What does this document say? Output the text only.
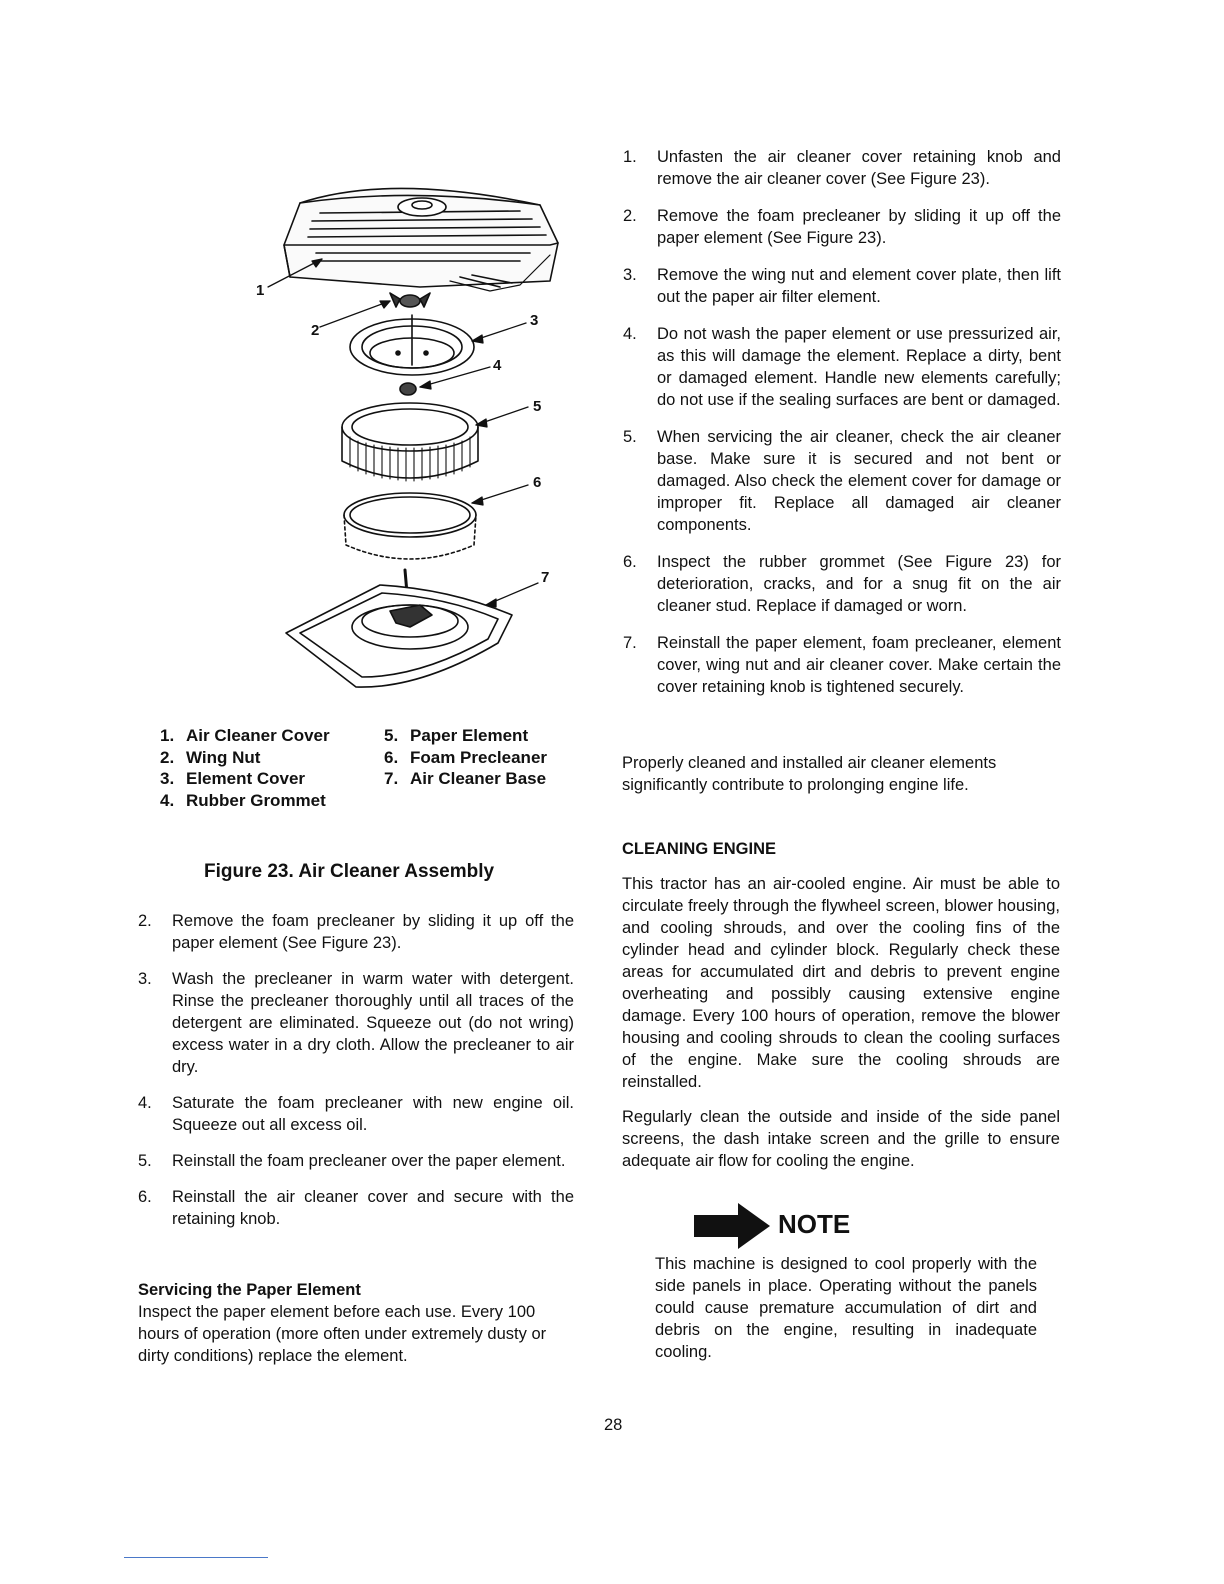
1
2
3
4
5
6
7
1. Air Cleaner Cover
2. Wing Nut
3. Element Cover
4. Rubber Grommet
5. Paper Element
6. Foam Precleaner
7. Air Cleaner Base
Figure 23. Air Cleaner Assembly
2. Remove the foam precleaner by sliding it up off the paper element (See Figure 23).
3. Wash the precleaner in warm water with detergent. Rinse the precleaner thoroughly until all traces of the detergent are eliminated. Squeeze out (do not wring) excess water in a dry cloth. Allow the precleaner to air dry.
4. Saturate the foam precleaner with new engine oil. Squeeze out all excess oil.
5. Reinstall the foam precleaner over the paper element.
6. Reinstall the air cleaner cover and secure with the retaining knob.
Servicing the Paper Element

Inspect the paper element before each use. Every 100 hours of operation (more often under extremely dusty or dirty conditions) replace the element.

1. Unfasten the air cleaner cover retaining knob and remove the air cleaner cover (See Figure 23).
2. Remove the foam precleaner by sliding it up off the paper element (See Figure 23).
3. Remove the wing nut and element cover plate, then lift out the paper air filter element.
4. Do not wash the paper element or use pressurized air, as this will damage the element. Replace a dirty, bent or damaged element. Handle new elements carefully; do not use if the sealing surfaces are bent or damaged.
5. When servicing the air cleaner, check the air cleaner base. Make sure it is secured and not bent or damaged. Also check the element cover for damage or improper fit. Replace all damaged air cleaner components.
6. Inspect the rubber grommet (See Figure 23) for deterioration, cracks, and for a snug fit on the air cleaner stud. Replace if damaged or worn.
7. Reinstall the paper element, foam precleaner, element cover, wing nut and air cleaner cover. Make certain the cover retaining knob is tightened securely.

Properly cleaned and installed air cleaner elements significantly contribute to prolonging engine life.

CLEANING ENGINE

This tractor has an air-cooled engine. Air must be able to circulate freely through the flywheel screen, blower housing, and cooling shrouds, and over the cooling fins of the cylinder head and cylinder block. Regularly check these areas for accumulated dirt and debris to prevent engine overheating and possibly causing extensive engine damage. Every 100 hours of operation, remove the blower housing and cooling shrouds to clean the cooling surfaces of the engine. Make sure the cooling shrouds are reinstalled.

Regularly clean the outside and inside of the side panel screens, the dash intake screen and the grille to ensure adequate air flow for cooling the engine.

NOTE

This machine is designed to cool properly with the side panels in place. Operating without the panels could cause premature accumulation of dirt and debris on the engine, resulting in inadequate cooling.

28
